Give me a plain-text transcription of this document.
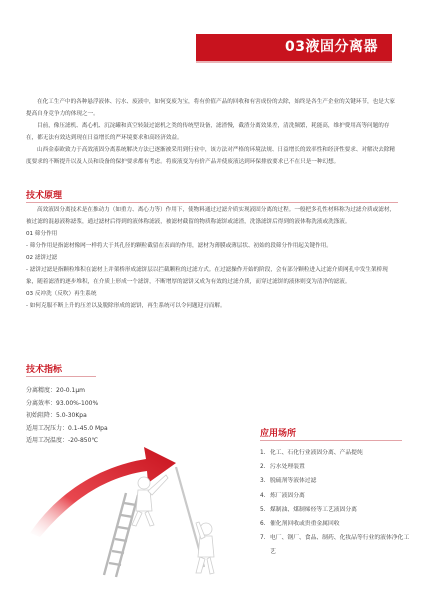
03液固分离器

在化工生产中的各种悬浮液体、污水、废液中，如何变废为宝，将有价值产品的回收和有害成份的去除，始终是各生产企业的关键环节，也是大家提高自身竞争力的体现之一。

目前，像压滤机、离心机、沉淀罐和真空转鼓过滤机之类的传统型设备，滤渣慢，截渣分离效果差，清洗频繁，耗能高，维护费用高等问题的存在，都无法有效达到现在日益增长的严环境要求和高经济效益。

山西金泰欧致力于高效液固分离系统解决方法已逐渐被采用到行业中，该方法对严格的环境法规、日益增长的效率性和经济性要求、对解决去除精度要求的不断提升以及人员和设备的保护要求都有考虑。将废液变为有价产品并使废液达到环保排放要求已不在只是一种幻想。

技术原理

高效液固分离技术是在推动力（如重力、离心力等）作用下，使物料通过过滤介质实现液固分离的过程。一般把多孔性材料称为过滤介质或滤材，被过滤的混悬液称滤浆，通过滤材后得到的液体称滤液，被滤材截留的物质称滤饼或滤渣，洗涤滤饼后得到的液体称洗液或洗涤液。

01 筛分作用

- 筛分作用是指滤材像网一样将大于其孔径的颗粒截留在表面的作用，滤材为薄膜或薄层状、初始的段筛分作用起关键作用。

02 滤饼过滤

- 滤饼过滤是指颗粒堆积在滤材上并架桥形成滤饼层以拦截颗粒的过滤方式。在过滤操作开始的阶段，会有部分颗粒进入过滤介质网孔中发生架桥现象，随着滤渣的逐步堆积，在介质上形成一个滤饼，不断增厚的滤饼又成为有效的过滤介质，而穿过滤饼的液体则变为清净的滤液。

03 反冲洗（反吹）再生系统

- 如何克服不断上升的压差以及脱除形成的滤饼，再生系统可以令问题迎刃而解。

技术指标
分离精度：20-0.1μm
分离效率：93.00%-100%
初始阻降：5.0-30Kpa
适用工况压力：0.1-45.0 Mpa
适用工况温度：-20-850℃
应用场所
1. 化工、石化行业液固分离、产品提纯
2. 污水处理装置
3. 脱硫剂等液体过滤
4. 炼厂液固分离
5. 煤制油、煤制烯烃等工艺液固分离
6. 催化剂回收或贵重金属回收
7. 电厂、钢厂、食品、制药、化妆品等行业的液体净化工艺
